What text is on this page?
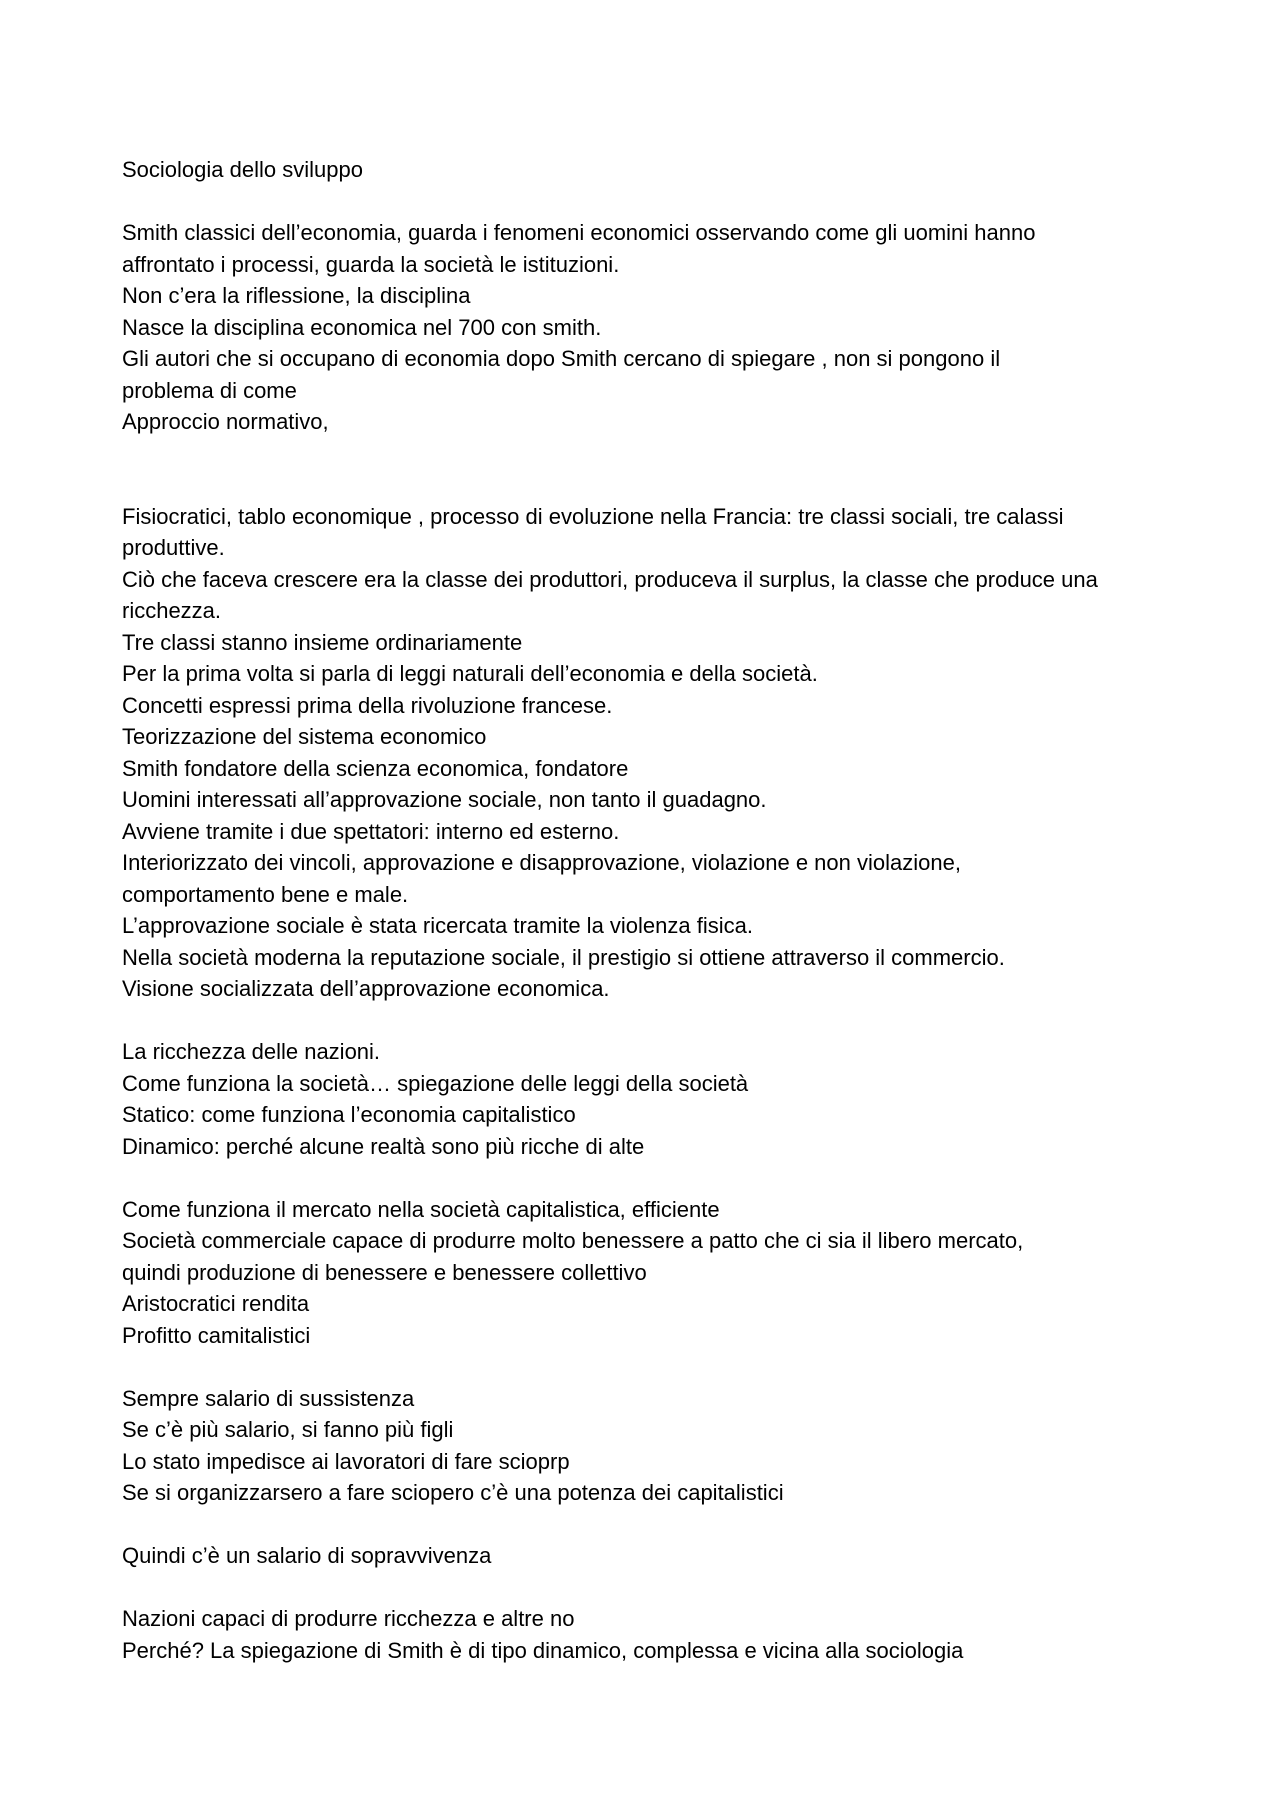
Sociologia dello sviluppo

Smith classici dell’economia, guarda i fenomeni economici osservando come gli uomini hanno
affrontato i processi, guarda la società le istituzioni.
Non c’era la riflessione, la disciplina
Nasce la disciplina economica nel 700 con smith.
Gli autori che si occupano di economia dopo Smith cercano di spiegare , non si pongono il
problema di come
Approccio normativo,
Fisiocratici, tablo economique , processo di evoluzione nella Francia: tre classi sociali, tre calassi
produttive.
Ciò che faceva crescere era la classe dei produttori, produceva il surplus, la classe che produce una
ricchezza.
Tre classi stanno insieme ordinariamente
Per la prima volta si parla di leggi naturali dell’economia e della società.
Concetti espressi prima della rivoluzione francese.
Teorizzazione del sistema economico
Smith fondatore della scienza economica, fondatore
Uomini interessati all’approvazione sociale, non tanto il guadagno.
Avviene tramite i due spettatori: interno ed esterno.
Interiorizzato dei vincoli, approvazione e disapprovazione, violazione e non violazione,
comportamento bene e male.
L’approvazione sociale è stata ricercata tramite la violenza fisica.
Nella società moderna la reputazione sociale, il prestigio si ottiene attraverso il commercio.
Visione socializzata dell’approvazione economica.
La ricchezza delle nazioni.
Come funziona la società… spiegazione delle leggi della società
Statico: come funziona l’economia capitalistico
Dinamico: perché alcune realtà sono più ricche di alte
Come funziona il mercato nella società capitalistica, efficiente
Società commerciale capace di produrre molto benessere a patto che ci sia il libero mercato,
quindi produzione di benessere e benessere collettivo
Aristocratici rendita
Profitto camitalistici
Sempre salario di sussistenza
Se c’è più salario, si fanno più figli
Lo stato impedisce ai lavoratori di fare scioprp
Se si organizzarsero a fare sciopero c’è una potenza dei capitalistici
Quindi c’è un salario di sopravvivenza
Nazioni capaci di produrre ricchezza e altre no
Perché? La spiegazione di Smith è di tipo dinamico, complessa e vicina alla sociologia
